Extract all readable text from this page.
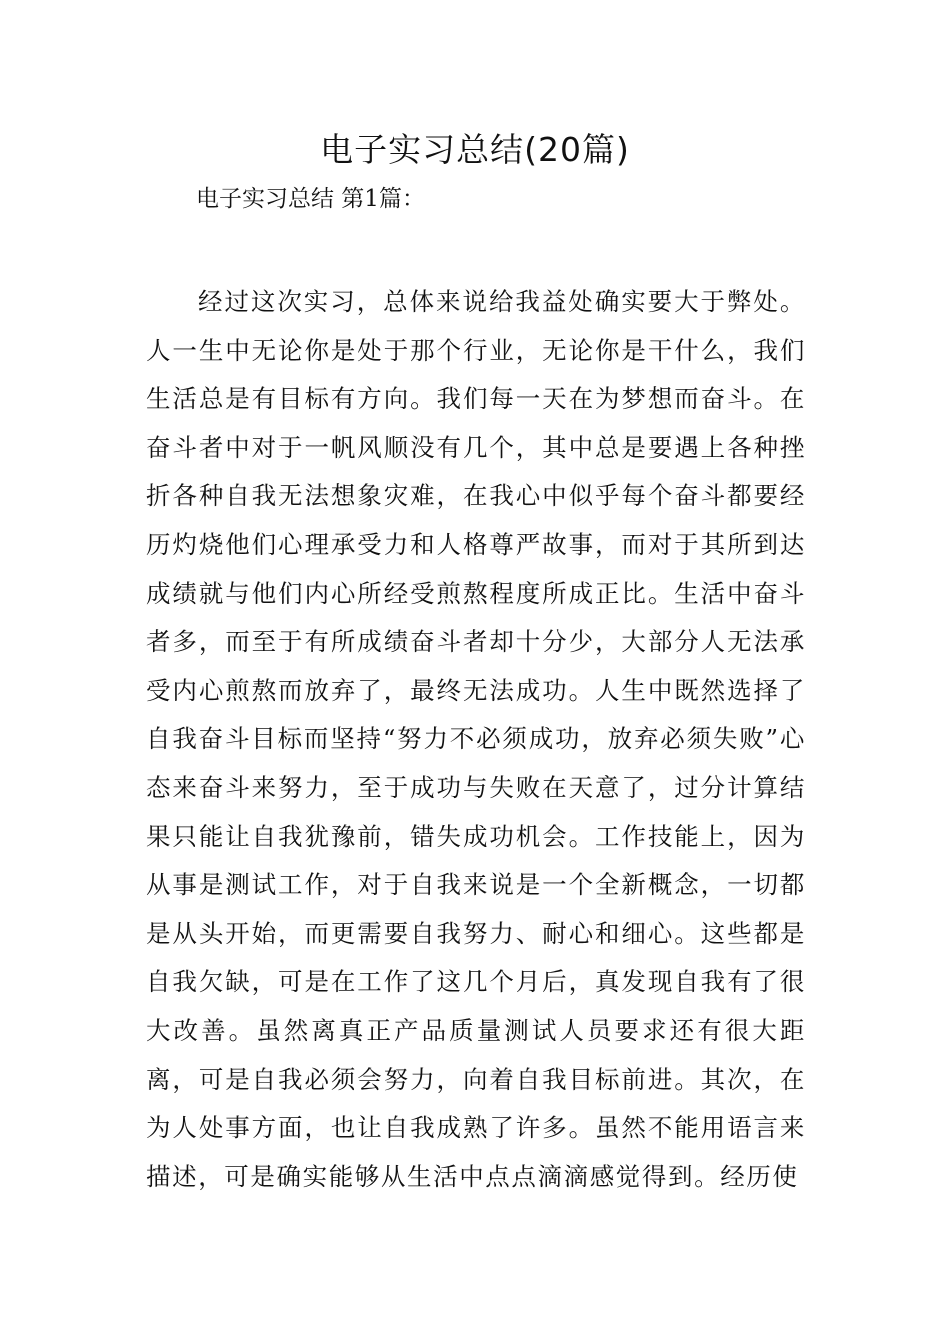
电子实习总结(20篇)
电子实习总结 第1篇：

经过这次实习，总体来说给我益处确实要大于弊处。人一生中无论你是处于那个行业，无论你是干什么，我们生活总是有目标有方向。我们每一天在为梦想而奋斗。在奋斗者中对于一帆风顺没有几个，其中总是要遇上各种挫折各种自我无法想象灾难，在我心中似乎每个奋斗都要经历灼烧他们心理承受力和人格尊严故事，而对于其所到达成绩就与他们内心所经受煎熬程度所成正比。生活中奋斗者多，而至于有所成绩奋斗者却十分少，大部分人无法承受内心煎熬而放弃了，最终无法成功。人生中既然选择了自我奋斗目标而坚持“努力不必须成功，放弃必须失败”心态来奋斗来努力，至于成功与失败在天意了，过分计算结果只能让自我犹豫前，错失成功机会。工作技能上，因为从事是测试工作，对于自我来说是一个全新概念，一切都是从头开始，而更需要自我努力、耐心和细心。这些都是自我欠缺，可是在工作了这几个月后，真发现自我有了很大改善。虽然离真正产品质量测试人员要求还有很大距离，可是自我必须会努力，向着自我目标前进。其次，在为人处事方面，也让自我成熟了许多。虽然不能用语言来描述，可是确实能够从生活中点点滴滴感觉得到。经历使
